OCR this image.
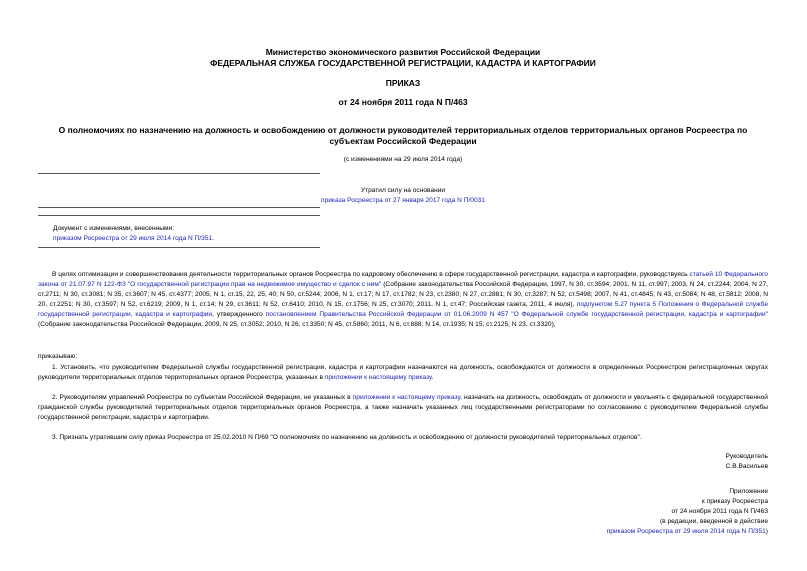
Министерство экономического развития Российской Федерации
ФЕДЕРАЛЬНАЯ СЛУЖБА ГОСУДАРСТВЕННОЙ РЕГИСТРАЦИИ, КАДАСТРА И КАРТОГРАФИИ
ПРИКАЗ
от 24 ноября 2011 года N П/463
О полномочиях по назначению на должность и освобождению от должности руководителей территориальных отделов территориальных органов Росреестра по
субъектам Российской Федерации
(с изменениями на 29 июля 2014 года)
Утратил силу на основании
приказа Росреестра от 27 января 2017 года N П/0031
Документ с изменениями, внесенными:
приказом Росреестра от 29 июля 2014 года N П/351.
В целях оптимизации и совершенствования деятельности территориальных органов Росреестра по кадровому обеспечению в сфере государственной регистрации, кадастра и картографии, руководствуясь статьей 10 Федерального закона от 21.07.97 N 122-ФЗ "О государственной регистрации прав на недвижимое имущество и сделок с ним" (Собрание законодательства Российской Федерации, 1997, N 30, ст.3594; 2001, N 11, ст.997; 2003, N 24, ст.2244; 2004, N 27, ст.2711; N 30, ст.3081; N 35, ст.3607; N 45, ст.4377; 2005, N 1, ст.15, 22, 25, 40; N 50, ст.5244; 2006, N 1, ст.17; N 17, ст.1782; N 23, ст.2380; N 27, ст.2881; N 30, ст.3287; N 52, ст.5498; 2007, N 41, ст.4845; N 43, ст.5084; N 48, ст.5812; 2008, N 20, ст.2251; N 30, ст.3597; N 52, ст.6219; 2009, N 1, ст.14; N 29, ст.3611; N 52, ст.6410; 2010, N 15, ст.1756; N 25, ст.3070; 2011, N 1, ст.47; Российская газета, 2011, 4 июля), подпунктом 5.27 пункта 5 Положения о Федеральной службе государственной регистрации, кадастра и картографии, утвержденного постановлением Правительства Российской Федерации от 01.06.2009 N 457 "О Федеральной службе государственной регистрации, кадастра и картографии" (Собрание законодательства Российской Федерации, 2009, N 25, ст.3052; 2010, N 26, ст.3350; N 45, ст.5860; 2011, N 6, ст.888; N 14, ст.1935; N 15, ст.2125; N 23, ст.3320),
приказываю:
1. Установить, что руководителем Федеральной службы государственной регистрации, кадастра и картографии назначаются на должность, освобождаются от должности в определенных Росреестром регистрационных округах руководители территориальных отделов территориальных органов Росреестра, указанных в приложении к настоящему приказу.
2. Руководителям управлений Росреестра по субъектам Российской Федерации, не указанных в приложении к настоящему приказу, назначать на должность, освобождать от должности и увольнять с федеральной государственной гражданской службы руководителей территориальных отделов территориальных органов Росреестра, а также назначать указанных лиц государственными регистраторами по согласованию с руководителем Федеральной службы государственной регистрации, кадастра и картографии.
3. Признать утратившим силу приказ Росреестра от 25.02.2010 N П/69 "О полномочиях по назначению на должность и освобождению от должности руководителей территориальных отделов".
Руководитель
С.В.Васильев
Приложение
к приказу Росреестра
от 24 ноября 2011 года N П/463
(в редакции, введенной в действие
приказом Росреестра от 29 июля 2014 года N П/351)
